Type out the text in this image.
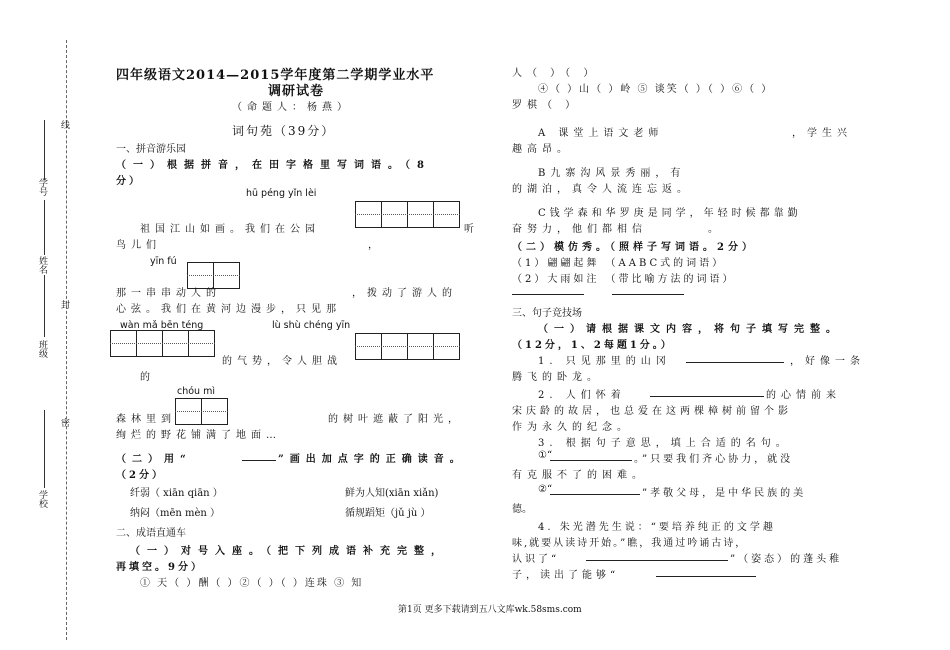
线
封
密
学号
姓名
班级
学校
四年级语文2014—2015学年度第二学期学业水平
调研试卷
（命题人：杨燕）
词句苑（39分）
一、拼音游乐园
（一）根据拼音，在田字格里写词语。（8
分）
hū péng yǐn lèi
祖国江山如画。我们在公园	听
鸟儿们	，
yīn fú
那一串串动人的	，拨动了游人的
心弦。我们在黄河边漫步，只见那
wàn mǎ bēn téng	lù shù chéng yīn
的气势，令人胆战
的
chóu mì
森林里到	的树叶遮蔽了阳光，
绚烂的野花铺满了地面…
（二）用“	”画出加点字的正确读音。
（2分）
纤弱（ xiān qiān ）	鲜为人知(xiān xiǎn)
纳闷（mēn mèn ）	循规蹈矩（jǔ jù ）
二、成语直通车
（一）对号入座。（把下列成语补充完整，
再填空。9分）
① 天（ ）酬（ ）②（ ）（ ）连珠 ③ 知
人（ ）（ ）
④（ ）山（ ）岭 ⑤ 谈笑（ ）（ ）⑥（ ）
罗棋（ ）
A 课堂上语文老师	，学生兴
趣高昂。
B九寨沟风景秀丽，有
的湖泊，真令人流连忘返。
C钱学森和华罗庚是同学，年轻时候都靠勤
奋努力，他们都相信	。
（二）模仿秀。（照样子写词语。2分）
（1）翩翩起舞 （AABC式的词语）
（2）大雨如注 （带比喻方法的词语）
三、句子竞技场
（一）请根据课文内容，将句子填写完整。
（12分，1、2每题1分。）
1. 只见那里的山冈	，好像一条
腾飞的卧龙。
2. 人们怀着	的心情前来
宋庆龄的故居，也总爱在这两棵樟树前留个影
作为永久的纪念。
3. 根据句子意思，填上合适的名句。
①“	。”只要我们齐心协力，就没
有克服不了的困难。
②“	”孝敬父母，是中华民族的美
德。
4. 朱光潜先生说：“要培养纯正的文学趣
味,就要从读诗开始。”瞧，我通过吟诵古诗，
认识了“	”（姿态）的蓬头稚
子，读出了能够“
第1页 更多下载请到五八文库wk.58sms.com
